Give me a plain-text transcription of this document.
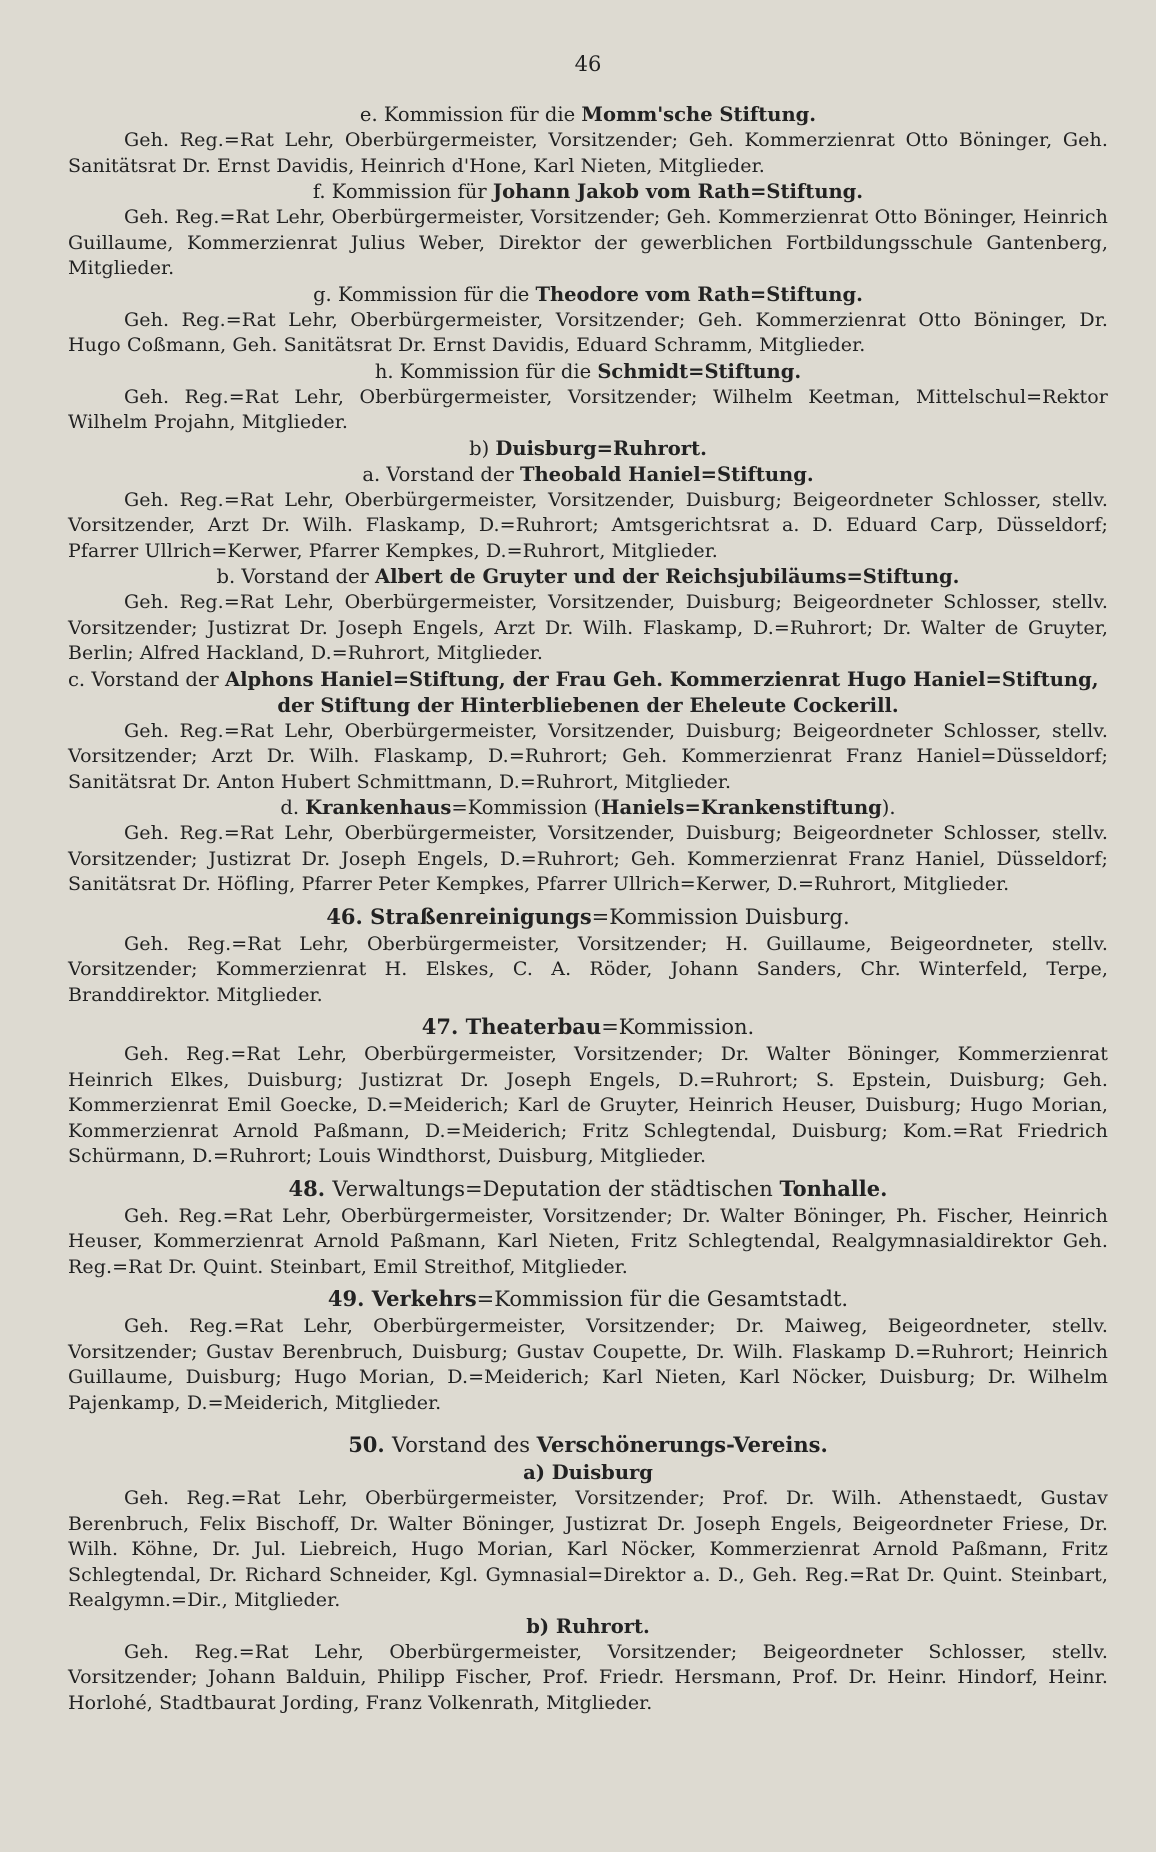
46
e. Kommission für die Momm'sche Stiftung.
Geh. Reg.=Rat Lehr, Oberbürgermeister, Vorsitzender; Geh. Kommerzienrat Otto Böninger, Geh. Sanitätsrat Dr. Ernst Davidis, Heinrich d'Hone, Karl Nieten, Mitglieder.
f. Kommission für Johann Jakob vom Rath=Stiftung.
Geh. Reg.=Rat Lehr, Oberbürgermeister, Vorsitzender; Geh. Kommerzienrat Otto Böninger, Heinrich Guillaume, Kommerzienrat Julius Weber, Direktor der gewerblichen Fortbildungsschule Gantenberg, Mitglieder.
g. Kommission für die Theodore vom Rath=Stiftung.
Geh. Reg.=Rat Lehr, Oberbürgermeister, Vorsitzender; Geh. Kommerzienrat Otto Böninger, Dr. Hugo Coßmann, Geh. Sanitätsrat Dr. Ernst Davidis, Eduard Schramm, Mitglieder.
h. Kommission für die Schmidt=Stiftung.
Geh. Reg.=Rat Lehr, Oberbürgermeister, Vorsitzender; Wilhelm Keetman, Mittelschul=Rektor Wilhelm Projahn, Mitglieder.
b) Duisburg=Ruhrort.
a. Vorstand der Theobald Haniel=Stiftung.
Geh. Reg.=Rat Lehr, Oberbürgermeister, Vorsitzender, Duisburg; Beigeordneter Schlosser, stellv. Vorsitzender, Arzt Dr. Wilh. Flaskamp, D.=Ruhrort; Amtsgerichtsrat a. D. Eduard Carp, Düsseldorf; Pfarrer Ullrich=Kerwer, Pfarrer Kempkes, D.=Ruhrort, Mitglieder.
b. Vorstand der Albert de Gruyter und der Reichsjubiläums=Stiftung.
Geh. Reg.=Rat Lehr, Oberbürgermeister, Vorsitzender, Duisburg; Beigeordneter Schlosser, stellv. Vorsitzender; Justizrat Dr. Joseph Engels, Arzt Dr. Wilh. Flaskamp, D.=Ruhrort; Dr. Walter de Gruyter, Berlin; Alfred Hackland, D.=Ruhrort, Mitglieder.
c. Vorstand der Alphons Haniel=Stiftung, der Frau Geh. Kommerzienrat Hugo Haniel=Stiftung,
der Stiftung der Hinterbliebenen der Eheleute Cockerill.
Geh. Reg.=Rat Lehr, Oberbürgermeister, Vorsitzender, Duisburg; Beigeordneter Schlosser, stellv. Vorsitzender; Arzt Dr. Wilh. Flaskamp, D.=Ruhrort; Geh. Kommerzienrat Franz Haniel=Düsseldorf; Sanitätsrat Dr. Anton Hubert Schmittmann, D.=Ruhrort, Mitglieder.
d. Krankenhaus=Kommission (Haniels=Krankenstiftung).
Geh. Reg.=Rat Lehr, Oberbürgermeister, Vorsitzender, Duisburg; Beigeordneter Schlosser, stellv. Vorsitzender; Justizrat Dr. Joseph Engels, D.=Ruhrort; Geh. Kommerzienrat Franz Haniel, Düsseldorf; Sanitätsrat Dr. Höfling, Pfarrer Peter Kempkes, Pfarrer Ullrich=Kerwer, D.=Ruhrort, Mitglieder.
46. Straßenreinigungs=Kommission Duisburg.
Geh. Reg.=Rat Lehr, Oberbürgermeister, Vorsitzender; H. Guillaume, Beigeordneter, stellv. Vorsitzender; Kommerzienrat H. Elskes, C. A. Röder, Johann Sanders, Chr. Winterfeld, Terpe, Branddirektor. Mitglieder.
47. Theaterbau=Kommission.
Geh. Reg.=Rat Lehr, Oberbürgermeister, Vorsitzender; Dr. Walter Böninger, Kommerzienrat Heinrich Elkes, Duisburg; Justizrat Dr. Joseph Engels, D.=Ruhrort; S. Epstein, Duisburg; Geh. Kommerzienrat Emil Goecke, D.=Meiderich; Karl de Gruyter, Heinrich Heuser, Duisburg; Hugo Morian, Kommerzienrat Arnold Paßmann, D.=Meiderich; Fritz Schlegtendal, Duisburg; Kom.=Rat Friedrich Schürmann, D.=Ruhrort; Louis Windthorst, Duisburg, Mitglieder.
48. Verwaltungs=Deputation der städtischen Tonhalle.
Geh. Reg.=Rat Lehr, Oberbürgermeister, Vorsitzender; Dr. Walter Böninger, Ph. Fischer, Heinrich Heuser, Kommerzienrat Arnold Paßmann, Karl Nieten, Fritz Schlegtendal, Realgymnasialdirektor Geh. Reg.=Rat Dr. Quint. Steinbart, Emil Streithof, Mitglieder.
49. Verkehrs=Kommission für die Gesamtstadt.
Geh. Reg.=Rat Lehr, Oberbürgermeister, Vorsitzender; Dr. Maiweg, Beigeordneter, stellv. Vorsitzender; Gustav Berenbruch, Duisburg; Gustav Coupette, Dr. Wilh. Flaskamp D.=Ruhrort; Heinrich Guillaume, Duisburg; Hugo Morian, D.=Meiderich; Karl Nieten, Karl Nöcker, Duisburg; Dr. Wilhelm Pajenkamp, D.=Meiderich, Mitglieder.
50. Vorstand des Verschönerungs-Vereins.
a) Duisburg
Geh. Reg.=Rat Lehr, Oberbürgermeister, Vorsitzender; Prof. Dr. Wilh. Athenstaedt, Gustav Berenbruch, Felix Bischoff, Dr. Walter Böninger, Justizrat Dr. Joseph Engels, Beigeordneter Friese, Dr. Wilh. Köhne, Dr. Jul. Liebreich, Hugo Morian, Karl Nöcker, Kommerzienrat Arnold Paßmann, Fritz Schlegtendal, Dr. Richard Schneider, Kgl. Gymnasial=Direktor a. D., Geh. Reg.=Rat Dr. Quint. Steinbart, Realgymn.=Dir., Mitglieder.
b) Ruhrort.
Geh. Reg.=Rat Lehr, Oberbürgermeister, Vorsitzender; Beigeordneter Schlosser, stellv. Vorsitzender; Johann Balduin, Philipp Fischer, Prof. Friedr. Hersmann, Prof. Dr. Heinr. Hindorf, Heinr. Horlohé, Stadtbaurat Jording, Franz Volkenrath, Mitglieder.
